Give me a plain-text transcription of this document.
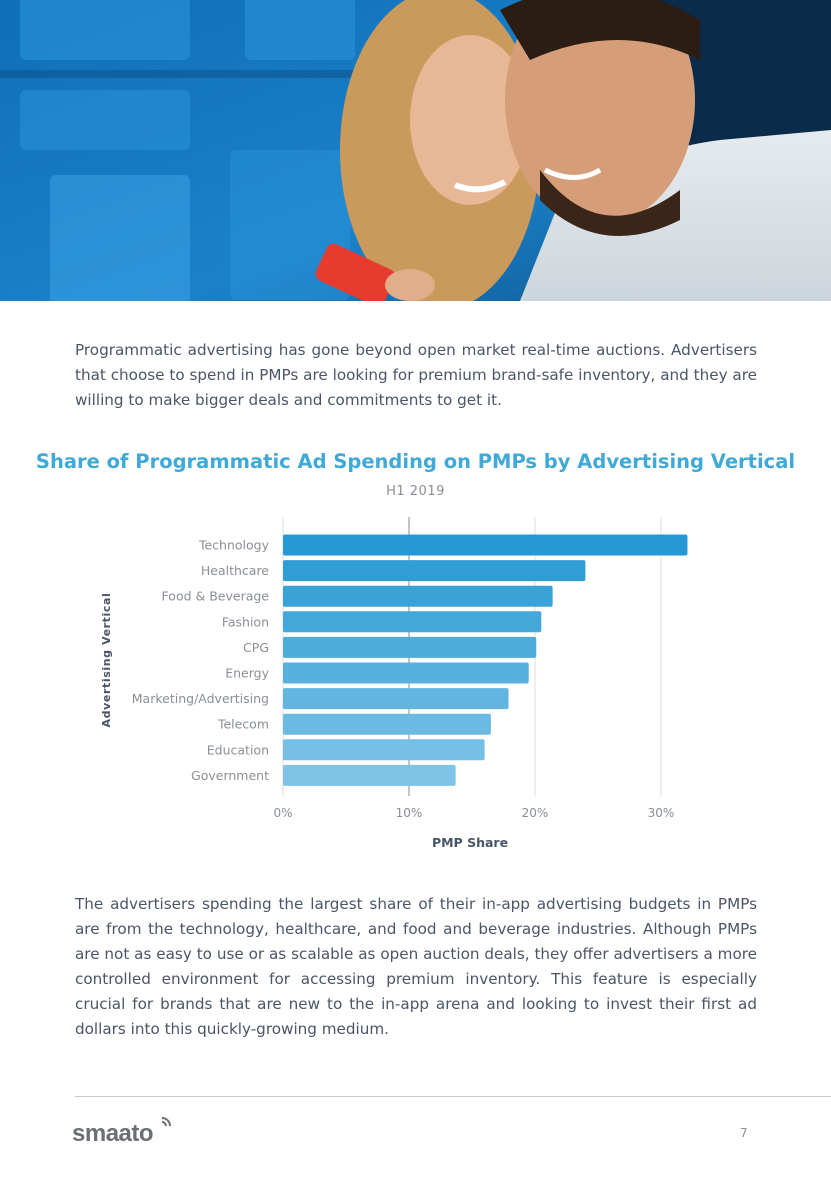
Programmatic advertising has gone beyond open market real-time auctions. Advertisers that choose to spend in PMPs are looking for premium brand-safe inventory, and they are willing to make bigger deals and commitments to get it.

Share of Programmatic Ad Spending on PMPs by Advertising Vertical
H1 2019
0%	10%	20%	30%
Technology
Healthcare
Food & Beverage
Fashion
CPG
Energy
Marketing/Advertising
Telecom
Education
Government
PMP Share
Advertising Vertical

The advertisers spending the largest share of their in-app advertising budgets in PMPs are from the technology, healthcare, and food and beverage industries. Although PMPs are not as easy to use or as scalable as open auction deals, they offer advertisers a more controlled environment for accessing premium inventory. This feature is especially crucial for brands that are new to the in-app arena and looking to invest their first ad dollars into this quickly-growing medium.

smaato	7
